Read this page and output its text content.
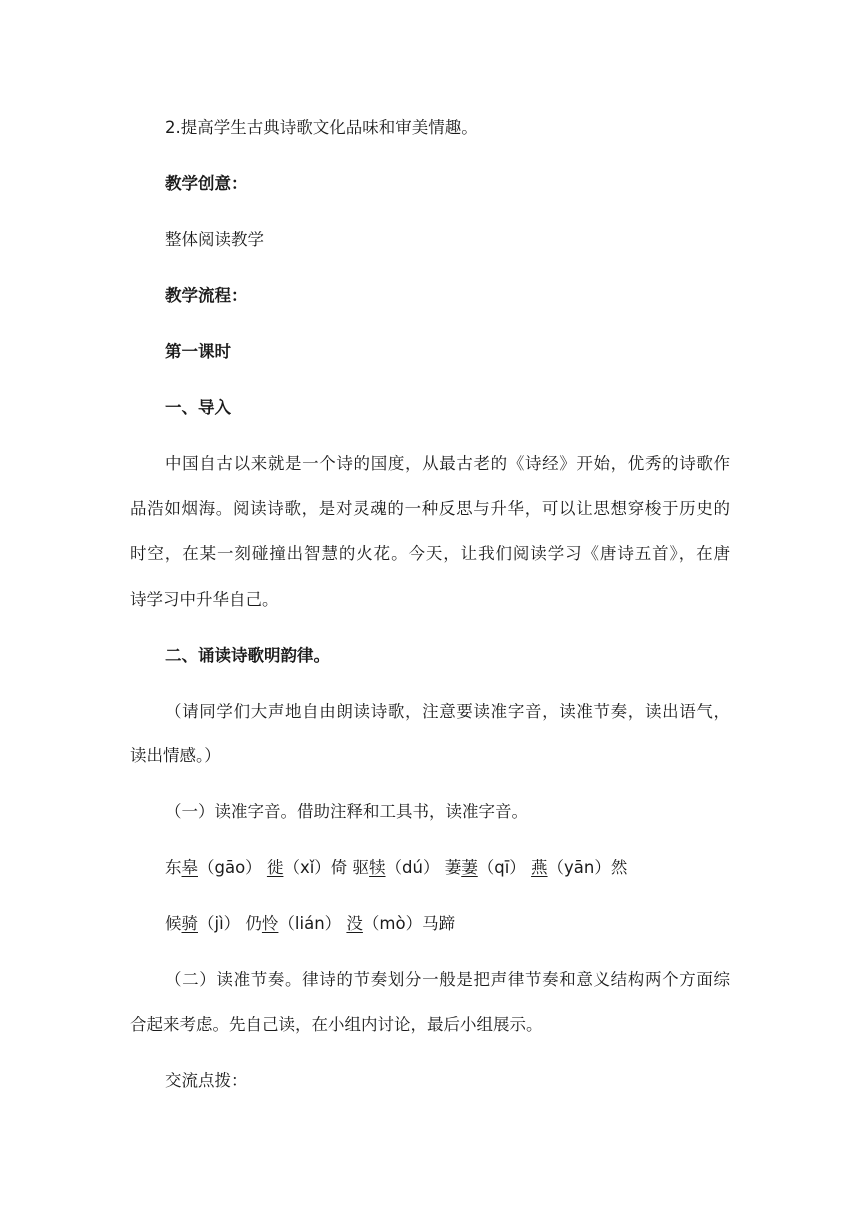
2.提高学生古典诗歌文化品味和审美情趣。
教学创意：
整体阅读教学
教学流程：
第一课时
一、导入
中国自古以来就是一个诗的国度，从最古老的《诗经》开始，优秀的诗歌作
品浩如烟海。阅读诗歌，是对灵魂的一种反思与升华，可以让思想穿梭于历史的
时空，在某一刻碰撞出智慧的火花。今天，让我们阅读学习《唐诗五首》，在唐
诗学习中升华自己。
二、诵读诗歌明韵律。
（请同学们大声地自由朗读诗歌，注意要读准字音，读准节奏，读出语气，
读出情感。）
（一）读准字音。借助注释和工具书，读准字音。
东皋（gāo） 徙（xǐ）倚 驱犊（dú） 萋萋（qī） 燕（yān）然
候骑（jì） 仍怜（lián） 没（mò）马蹄
（二）读准节奏。律诗的节奏划分一般是把声律节奏和意义结构两个方面综
合起来考虑。先自己读，在小组内讨论，最后小组展示。
交流点拨：
